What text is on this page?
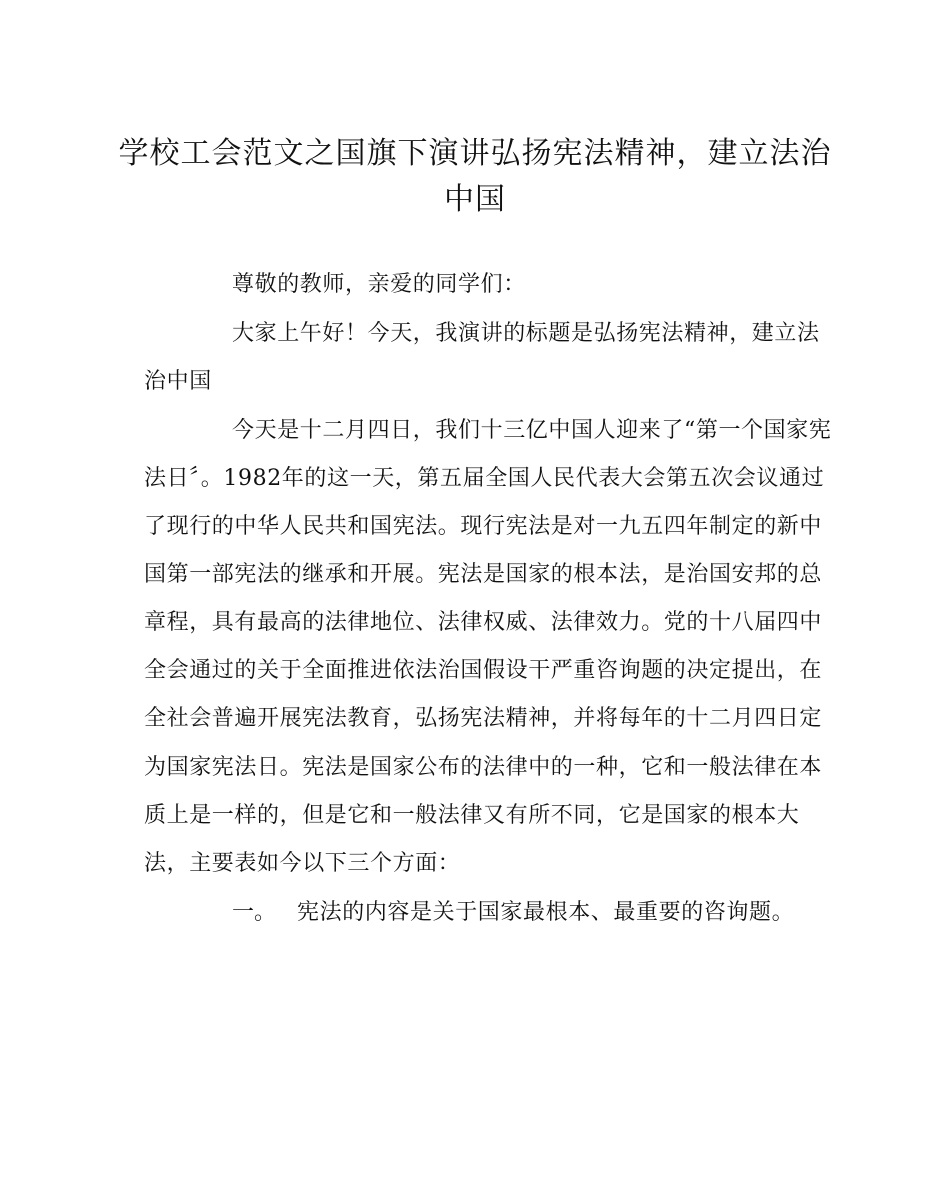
学校工会范文之国旗下演讲弘扬宪法精神，建立法治
中国
尊敬的教师，亲爱的同学们：
大家上午好！今天，我演讲的标题是弘扬宪法精神，建立法
治中国
今天是十二月四日，我们十三亿中国人迎来了“第一个国家宪
法日〞。1982年的这一天，第五届全国人民代表大会第五次会议通过
了现行的中华人民共和国宪法。现行宪法是对一九五四年制定的新中
国第一部宪法的继承和开展。宪法是国家的根本法，是治国安邦的总
章程，具有最高的法律地位、法律权威、法律效力。党的十八届四中
全会通过的关于全面推进依法治国假设干严重咨询题的决定提出，在
全社会普遍开展宪法教育，弘扬宪法精神，并将每年的十二月四日定
为国家宪法日。宪法是国家公布的法律中的一种，它和一般法律在本
质上是一样的，但是它和一般法律又有所不同，它是国家的根本大
法，主要表如今以下三个方面：
一。 宪法的内容是关于国家最根本、最重要的咨询题。
